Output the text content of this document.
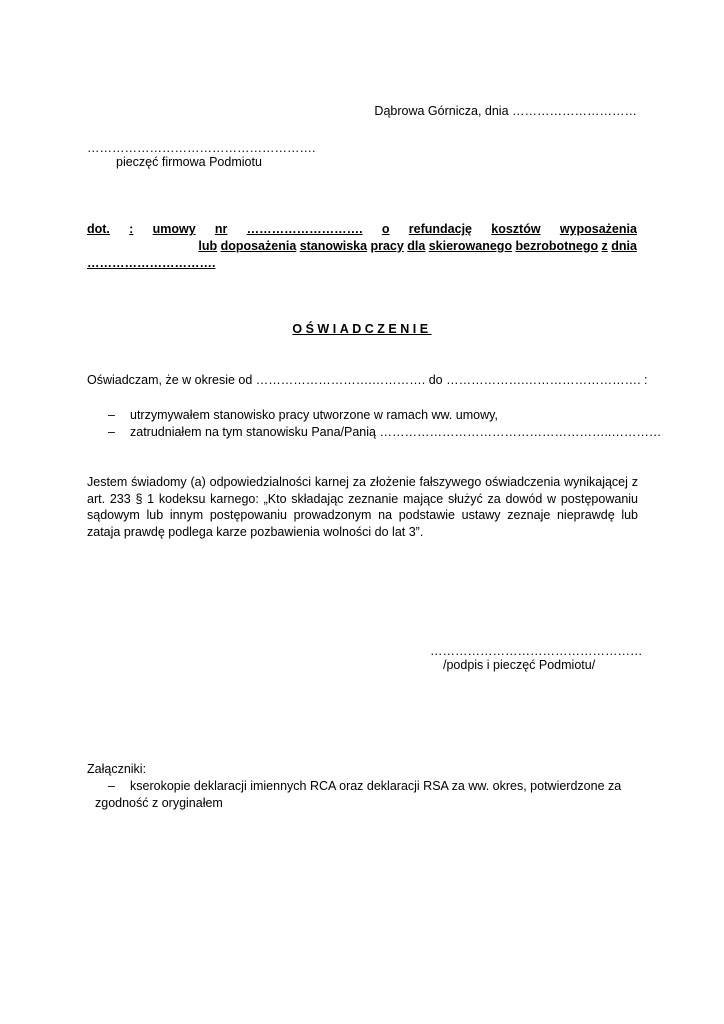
Dąbrowa Górnicza, dnia …………………………
……………………………………………….
pieczęć firmowa Podmiotu
dot. : umowy nr ………………………. o refundację kosztów wyposażenia
lub doposażenia stanowiska pracy dla skierowanego bezrobotnego z dnia
………………………….
OŚWIADCZENIE
Oświadczam, że w okresie od ……………………….…………. do ……………….………………………. :
– utrzymywałem stanowisko pracy utworzone w ramach ww. umowy,
– zatrudniałem na tym stanowisku Pana/Panią ………………………………………………..…………
Jestem świadomy (a) odpowiedzialności karnej za złożenie fałszywego oświadczenia wynikającej z art. 233 § 1 kodeksu karnego: „Kto składając zeznanie mające służyć za dowód w postępowaniu sądowym lub innym postępowaniu prowadzonym na podstawie ustawy zeznaje nieprawdę lub zataja prawdę podlega karze pozbawienia wolności do lat 3”.
……………………………………………
/podpis i pieczęć Podmiotu/
Załączniki:
– kserokopie deklaracji imiennych RCA oraz deklaracji RSA za ww. okres, potwierdzone za
zgodność z oryginałem
